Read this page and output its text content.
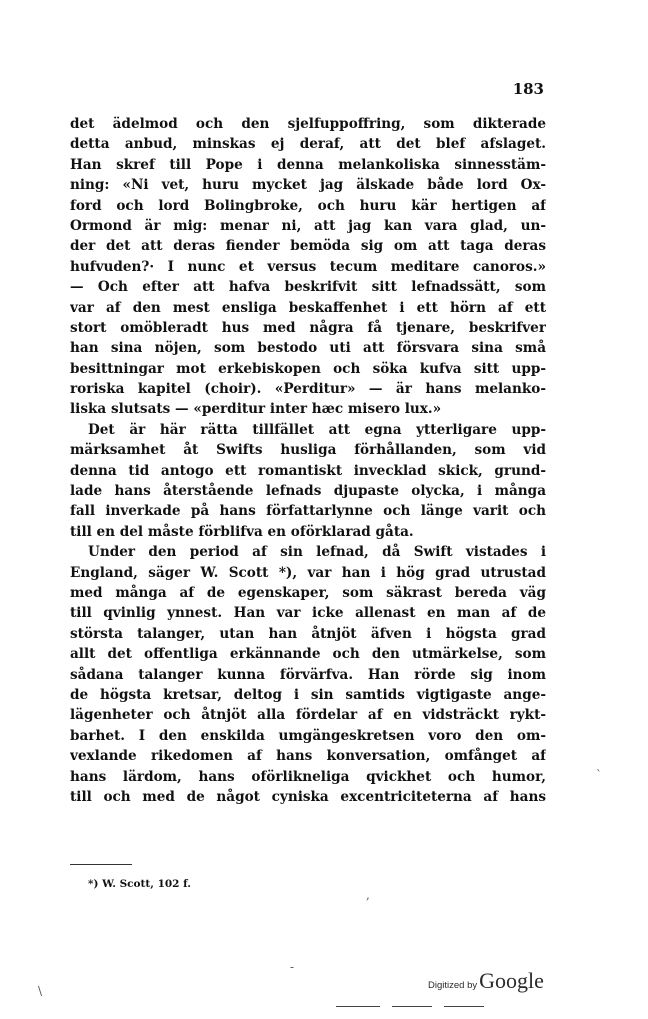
183
det ädelmod och den sjelfuppoffring, som dikterade
detta anbud, minskas ej deraf, att det blef afslaget.
Han skref till Pope i denna melankoliska sinnesstäm-
ning: «Ni vet, huru mycket jag älskade både lord Ox-
ford och lord Bolingbroke, och huru kär hertigen af
Ormond är mig: menar ni, att jag kan vara glad, un-
der det att deras fiender bemöda sig om att taga deras
hufvuden?· I nunc et versus tecum meditare canoros.»
— Och efter att hafva beskrifvit sitt lefnadssätt, som
var af den mest ensliga beskaffenhet i ett hörn af ett
stort omöbleradt hus med några få tjenare, beskrifver
han sina nöjen, som bestodo uti att försvara sina små
besittningar mot erkebiskopen och söka kufva sitt upp-
roriska kapitel (choir). «Perditur» — är hans melanko-
liska slutsats — «perditur inter hæc misero lux.»
Det är här rätta tillfället att egna ytterligare upp-
märksamhet åt Swifts husliga förhållanden, som vid
denna tid antogo ett romantiskt invecklad skick, grund-
lade hans återstående lefnads djupaste olycka, i många
fall inverkade på hans författarlynne och länge varit och
till en del måste förblifva en oförklarad gåta.
Under den period af sin lefnad, då Swift vistades i
England, säger W. Scott *), var han i hög grad utrustad
med många af de egenskaper, som säkrast bereda väg
till qvinlig ynnest. Han var icke allenast en man af de
största talanger, utan han åtnjöt äfven i högsta grad
allt det offentliga erkännande och den utmärkelse, som
sådana talanger kunna förvärfva. Han rörde sig inom
de högsta kretsar, deltog i sin samtids vigtigaste ange-
lägenheter och åtnjöt alla fördelar af en vidsträckt rykt-
barhet. I den enskilda umgängeskretsen voro den om-
vexlande rikedomen af hans konversation, omfånget af
hans lärdom, hans oförlikneliga qvickhet och humor,
till och med de något cyniska excentriciteterna af hans
*) W. Scott, 102 f.
`
,
-
\	Digitized by Google
